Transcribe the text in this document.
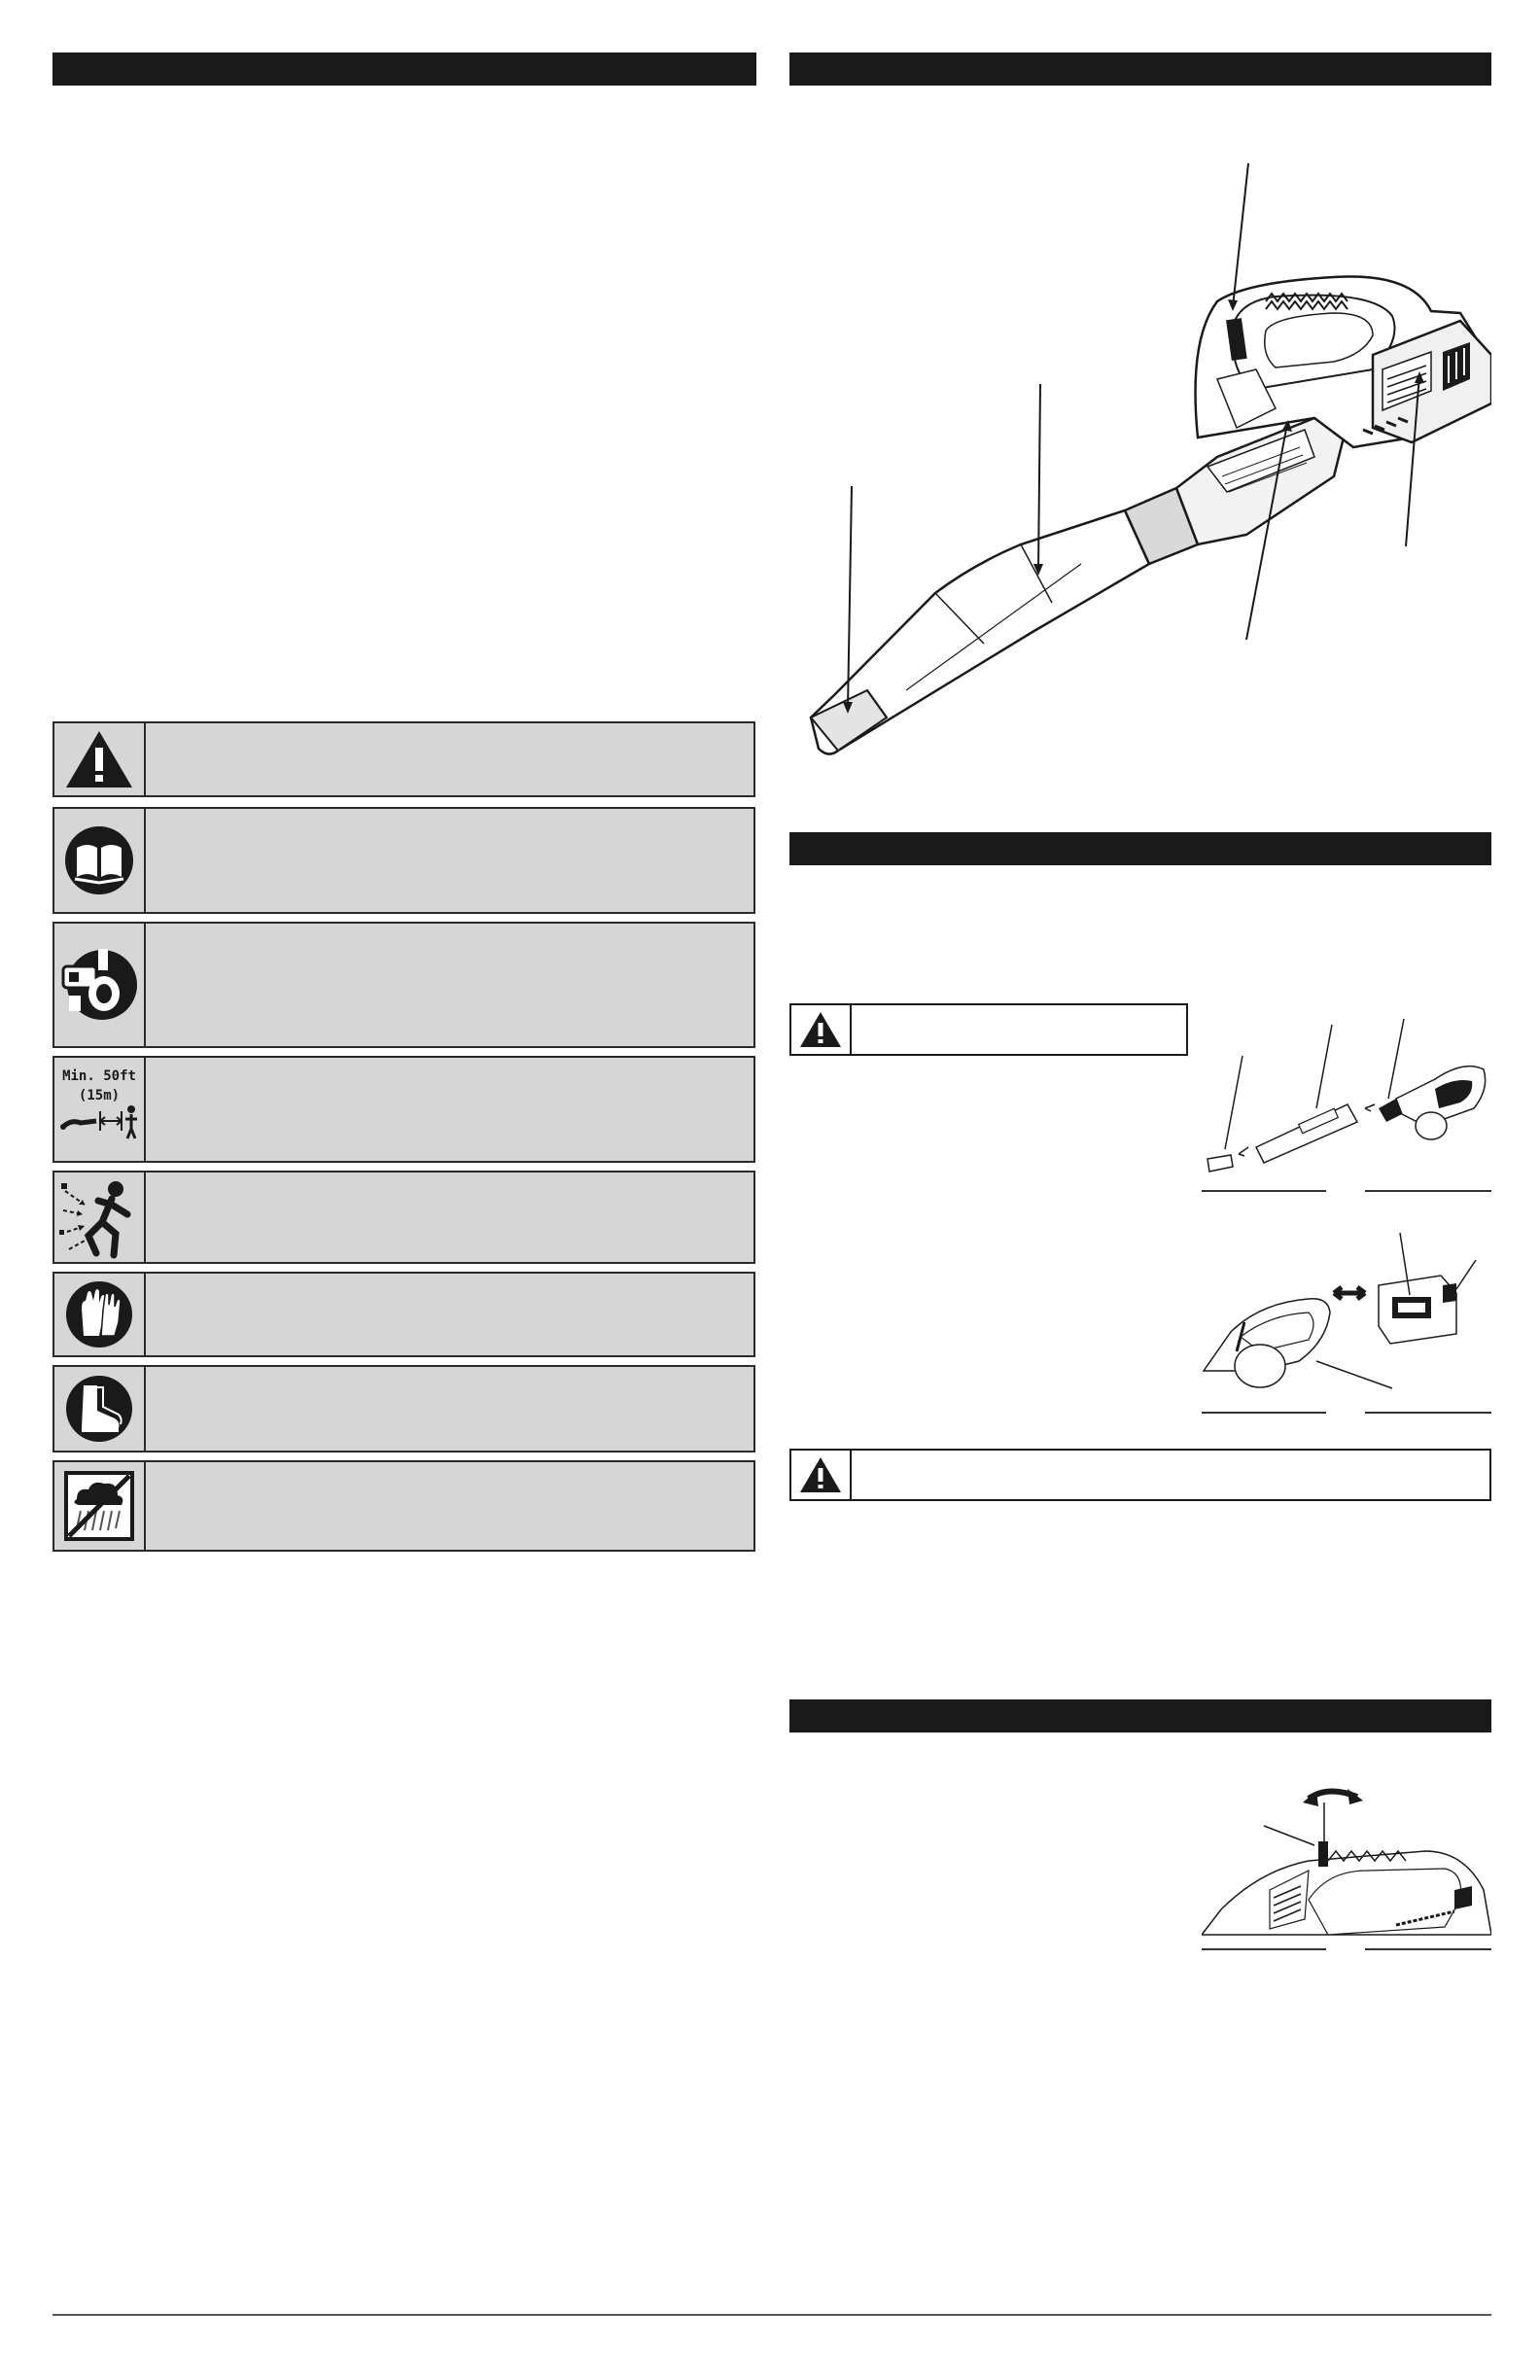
Min. 50ft
(15m)
